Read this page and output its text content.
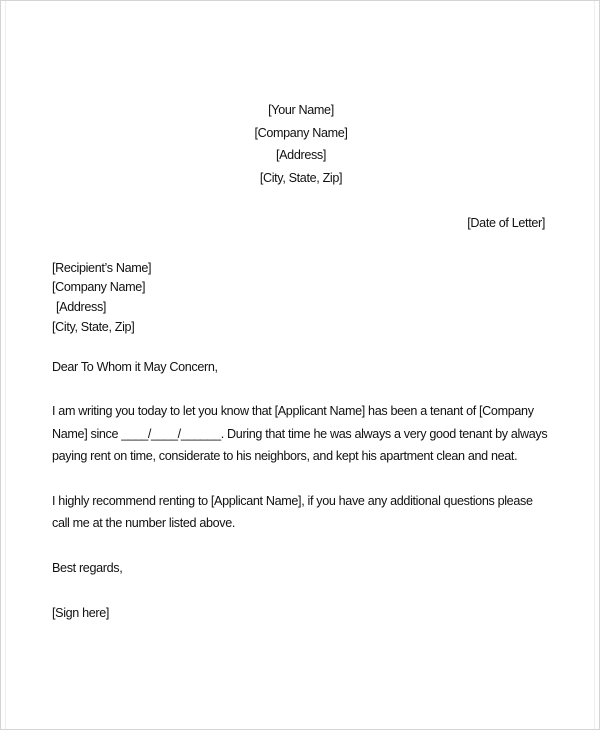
[Your Name]
[Company Name]
[Address]
[City, State, Zip]
[Date of Letter]
[Recipient’s Name]
[Company Name]
[Address]
[City, State, Zip]
Dear To Whom it May Concern,
I am writing you today to let you know that [Applicant Name] has been a tenant of [Company
Name] since ____/____/______. During that time he was always a very good tenant by always
paying rent on time, considerate to his neighbors, and kept his apartment clean and neat.
I highly recommend renting to [Applicant Name], if you have any additional questions please
call me at the number listed above.
Best regards,
[Sign here]
